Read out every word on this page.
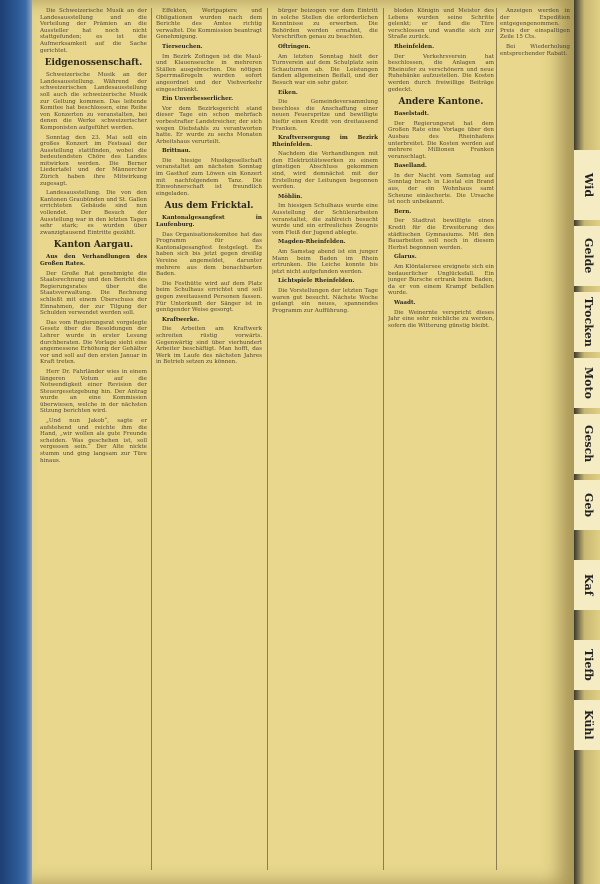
Die Schweizerische Musik an der Landesausstellung und die Verteilung der Prämien an die Aussteller hat noch nicht stattgefunden; es ist die Aufmerksamkeit auf die Sache gerichtet.

Eidgenossenschaft.

Schweizerische Musik an der Landesausstellung. Während der schweizerischen Landesausstellung soll auch die schweizerische Musik zur Geltung kommen. Das leitende Komitee hat beschlossen, eine Reihe von Konzerten zu veranstalten, bei denen die Werke schweizerischer Komponisten aufgeführt werden.

Sonntag den 23. Mai soll ein großes Konzert im Festsaal der Ausstellung stattfinden, wobei die bedeutendsten Chöre des Landes mitwirken werden. Die Berner Liedertafel und der Männerchor Zürich haben ihre Mitwirkung zugesagt.

Landesausstellung. Die von den Kantonen Graubünden und St. Gallen errichteten Gebäude sind nun vollendet. Der Besuch der Ausstellung war in den letzten Tagen sehr stark; es wurden über zwanzigtausend Eintritte gezählt.

Kanton Aargau.

Aus den Verhandlungen des Großen Rates.

Der Große Rat genehmigte die Staatsrechnung und den Bericht des Regierungsrates über die Staatsverwaltung. Die Rechnung schließt mit einem Überschuss der Einnahmen, der zur Tilgung der Schulden verwendet werden soll.

Das vom Regierungsrat vorgelegte Gesetz über die Besoldungen der Lehrer wurde in erster Lesung durchberaten. Die Vorlage sieht eine angemessene Erhöhung der Gehälter vor und soll auf den ersten Januar in Kraft treten.

Herr Dr. Fahrländer wies in einem längeren Votum auf die Notwendigkeit einer Revision der Steuergesetzgebung hin. Der Antrag wurde an eine Kommission überwiesen, welche in der nächsten Sitzung berichten wird.

„Und nun Jakob“, sagte er aufstehend und reichte ihm die Hand, „wir wollen als gute Freunde scheiden. Was geschehen ist, soll vergessen sein.“ Der Alte nickte stumm und ging langsam zur Türe hinaus.

Effekten, Wertpapiere und Obligationen wurden nach dem Berichte des Amtes richtig verwaltet. Die Kommission beantragt Genehmigung.

Tierseuchen.

Im Bezirk Zofingen ist die Maul- und Klauenseuche in mehreren Ställen ausgebrochen. Die nötigen Sperrmaßregeln wurden sofort angeordnet und der Viehverkehr eingeschränkt.

Ein Unverbesserlicher.

Vor dem Bezirksgericht stand dieser Tage ein schon mehrfach vorbestrafter Landstreicher, der sich wegen Diebstahls zu verantworten hatte. Er wurde zu sechs Monaten Arbeitshaus verurteilt.

Brittnau.

Die hiesige Musikgesellschaft veranstaltet am nächsten Sonntag im Gasthof zum Löwen ein Konzert mit nachfolgendem Tanz. Die Einwohnerschaft ist freundlich eingeladen.

Aus dem Fricktal.

Kantonalgesangfest in Laufenburg.

Das Organisationskomitee hat das Programm für das Kantonalgesangfest festgelegt. Es haben sich bis jetzt gegen dreißig Vereine angemeldet, darunter mehrere aus dem benachbarten Baden.

Die Festhütte wird auf dem Platz beim Schulhaus errichtet und soll gegen zweitausend Personen fassen. Für Unterkunft der Sänger ist in genügender Weise gesorgt.

Kraftwerke.

Die Arbeiten am Kraftwerk schreiten rüstig vorwärts. Gegenwärtig sind über vierhundert Arbeiter beschäftigt. Man hofft, das Werk im Laufe des nächsten Jahres in Betrieb setzen zu können.

bürger beizogen vor dem Eintritt in solche Stellen die erforderlichen Kenntnisse zu erwerben. Die Behörden werden ermahnt, die Vorschriften genau zu beachten.

Oftringen.

Am letzten Sonntag hielt der Turnverein auf dem Schulplatz sein Schauturnen ab. Die Leistungen fanden allgemeinen Beifall, und der Besuch war ein sehr guter.

Eiken.

Die Gemeindeversammlung beschloss die Anschaffung einer neuen Feuerspritze und bewilligte hiefür einen Kredit von dreitausend Franken.

Kraftversorgung im Bezirk Rheinfelden.

Nachdem die Verhandlungen mit den Elektrizitätswerken zu einem günstigen Abschluss gekommen sind, wird demnächst mit der Erstellung der Leitungen begonnen werden.

Möhlin.

Im hiesigen Schulhaus wurde eine Ausstellung der Schülerarbeiten veranstaltet, die zahlreich besucht wurde und ein erfreuliches Zeugnis vom Fleiß der Jugend ablegte.

Magden-Rheinfelden.

Am Samstag abend ist ein junger Mann beim Baden im Rhein ertrunken. Die Leiche konnte bis jetzt nicht aufgefunden werden.

Lichtspiele Rheinfelden.

Die Vorstellungen der letzten Tage waren gut besucht. Nächste Woche gelangt ein neues, spannendes Programm zur Aufführung.

bloden Königin und Meister des Lebens wurden seine Schritte gelenkt; er fand die Türe verschlossen und wandte sich zur Straße zurück.

Rheinfelden.

Der Verkehrsverein hat beschlossen, die Anlagen am Rheinufer zu verschönern und neue Ruhebänke aufzustellen. Die Kosten werden durch freiwillige Beiträge gedeckt.

Andere Kantone.

Baselstadt.

Der Regierungsrat hat dem Großen Rate eine Vorlage über den Ausbau des Rheinhafens unterbreitet. Die Kosten werden auf mehrere Millionen Franken veranschlagt.

Baselland.

In der Nacht vom Samstag auf Sonntag brach in Liestal ein Brand aus, der ein Wohnhaus samt Scheune einäscherte. Die Ursache ist noch unbekannt.

Bern.

Der Stadtrat bewilligte einen Kredit für die Erweiterung des städtischen Gymnasiums. Mit den Bauarbeiten soll noch in diesem Herbst begonnen werden.

Glarus.

Am Klöntalersee ereignete sich ein bedauerlicher Unglücksfall. Ein junger Bursche ertrank beim Baden, da er von einem Krampf befallen wurde.

Waadt.

Die Weinernte verspricht dieses Jahr eine sehr reichliche zu werden, sofern die Witterung günstig bleibt.

Anzeigen werden in der Expedition entgegengenommen. Preis der einspaltigen Zeile 15 Cts.

Bei Wiederholung entsprechender Rabatt.

Wid
Gelde
Trocken
Moto
Gesch
Geb
Kaf
Tiefb
Kühl
